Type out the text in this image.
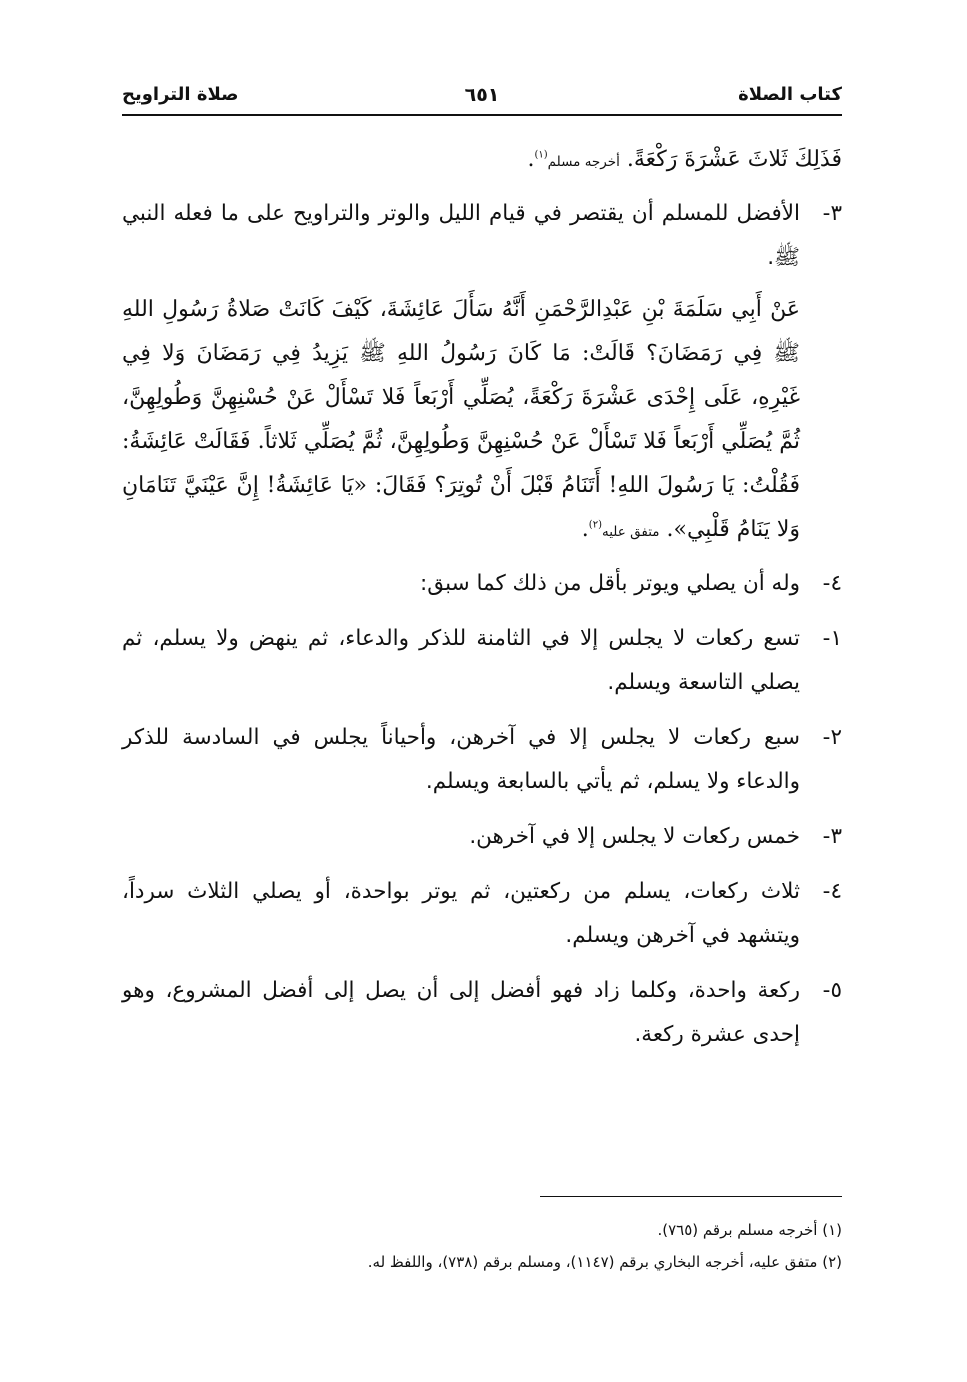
كتاب الصلاة
٦٥١
صلاة التراويح

فَذَلِكَ ثَلاثَ عَشْرَةَ رَكْعَةً. أخرجه مسلم$^{(١)}$.

٣-

الأفضل للمسلم أن يقتصر في قيام الليل والوتر والتراويح على ما فعله النبي ﷺ.

عَنْ أَبِي سَلَمَةَ بْنِ عَبْدِالرَّحْمَنِ أَنَّهُ سَأَلَ عَائِشَةَ، كَيْفَ كَانَتْ صَلاةُ رَسُولِ اللهِ ﷺ فِي رَمَضَانَ؟ قَالَتْ: مَا كَانَ رَسُولُ اللهِ ﷺ يَزِيدُ فِي رَمَضَانَ وَلا فِي غَيْرِهِ، عَلَى إِحْدَى عَشْرَةَ رَكْعَةً، يُصَلِّي أَرْبَعاً فَلا تَسْأَلْ عَنْ حُسْنِهِنَّ وَطُولِهِنَّ، ثُمَّ يُصَلِّي أَرْبَعاً فَلا تَسْأَلْ عَنْ حُسْنِهِنَّ وَطُولِهِنَّ، ثُمَّ يُصَلِّي ثَلاثاً. فَقَالَتْ عَائِشَةُ: فَقُلْتُ: يَا رَسُولَ اللهِ! أَتَنَامُ قَبْلَ أَنْ تُوتِرَ؟ فَقَالَ: «يَا عَائِشَةُ! إِنَّ عَيْنَيَّ تَنَامَانِ وَلا يَنَامُ قَلْبِي». متفق عليه$^{(٢)}$.

٤-

وله أن يصلي ويوتر بأقل من ذلك كما سبق:

١-

تسع ركعات لا يجلس إلا في الثامنة للذكر والدعاء، ثم ينهض ولا يسلم، ثم يصلي التاسعة ويسلم.

٢-

سبع ركعات لا يجلس إلا في آخرهن، وأحياناً يجلس في السادسة للذكر والدعاء ولا يسلم، ثم يأتي بالسابعة ويسلم.

٣-

خمس ركعات لا يجلس إلا في آخرهن.

٤-

ثلاث ركعات، يسلم من ركعتين، ثم يوتر بواحدة، أو يصلي الثلاث سرداً، ويتشهد في آخرهن ويسلم.

٥-

ركعة واحدة، وكلما زاد فهو أفضل إلى أن يصل إلى أفضل المشروع، وهو إحدى عشرة ركعة.

(١) أخرجه مسلم برقم (٧٦٥).
(٢) متفق عليه، أخرجه البخاري برقم (١١٤٧)، ومسلم برقم (٧٣٨)، واللفظ له.
